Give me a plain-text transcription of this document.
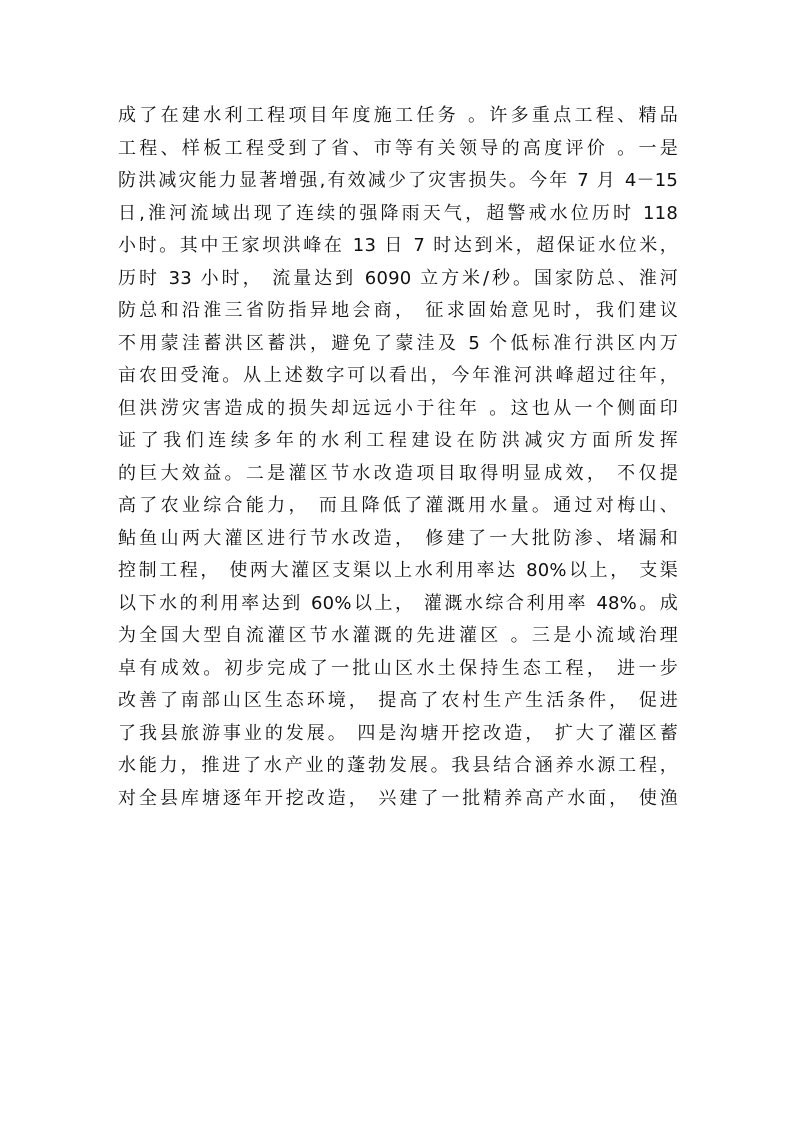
成了在建水利工程项目年度施工任务 。许多重点工程、精品
工程、样板工程受到了省、市等有关领导的高度评价 。一是
防洪减灾能力显著增强,有效减少了灾害损失。今年 7 月 4－15
日,淮河流域出现了连续的强降雨天气，超警戒水位历时 118
小时。其中王家坝洪峰在 13 日 7 时达到米，超保证水位米，
历时 33 小时， 流量达到 6090 立方米/秒。国家防总、淮河
防总和沿淮三省防指异地会商， 征求固始意见时，我们建议
不用蒙洼蓄洪区蓄洪，避免了蒙洼及 5 个低标准行洪区内万
亩农田受淹。从上述数字可以看出，今年淮河洪峰超过往年，
但洪涝灾害造成的损失却远远小于往年 。这也从一个侧面印
证了我们连续多年的水利工程建设在防洪减灾方面所发挥
的巨大效益。二是灌区节水改造项目取得明显成效， 不仅提
高了农业综合能力， 而且降低了灌溉用水量。通过对梅山、
鲇鱼山两大灌区进行节水改造， 修建了一大批防渗、堵漏和
控制工程， 使两大灌区支渠以上水利用率达 80%以上， 支渠
以下水的利用率达到 60%以上， 灌溉水综合利用率 48%。成
为全国大型自流灌区节水灌溉的先进灌区 。三是小流域治理
卓有成效。初步完成了一批山区水土保持生态工程， 进一步
改善了南部山区生态环境， 提高了农村生产生活条件， 促进
了我县旅游事业的发展。 四是沟塘开挖改造， 扩大了灌区蓄
水能力，推进了水产业的蓬勃发展。我县结合涵养水源工程，
对全县库塘逐年开挖改造， 兴建了一批精养高产水面， 使渔
